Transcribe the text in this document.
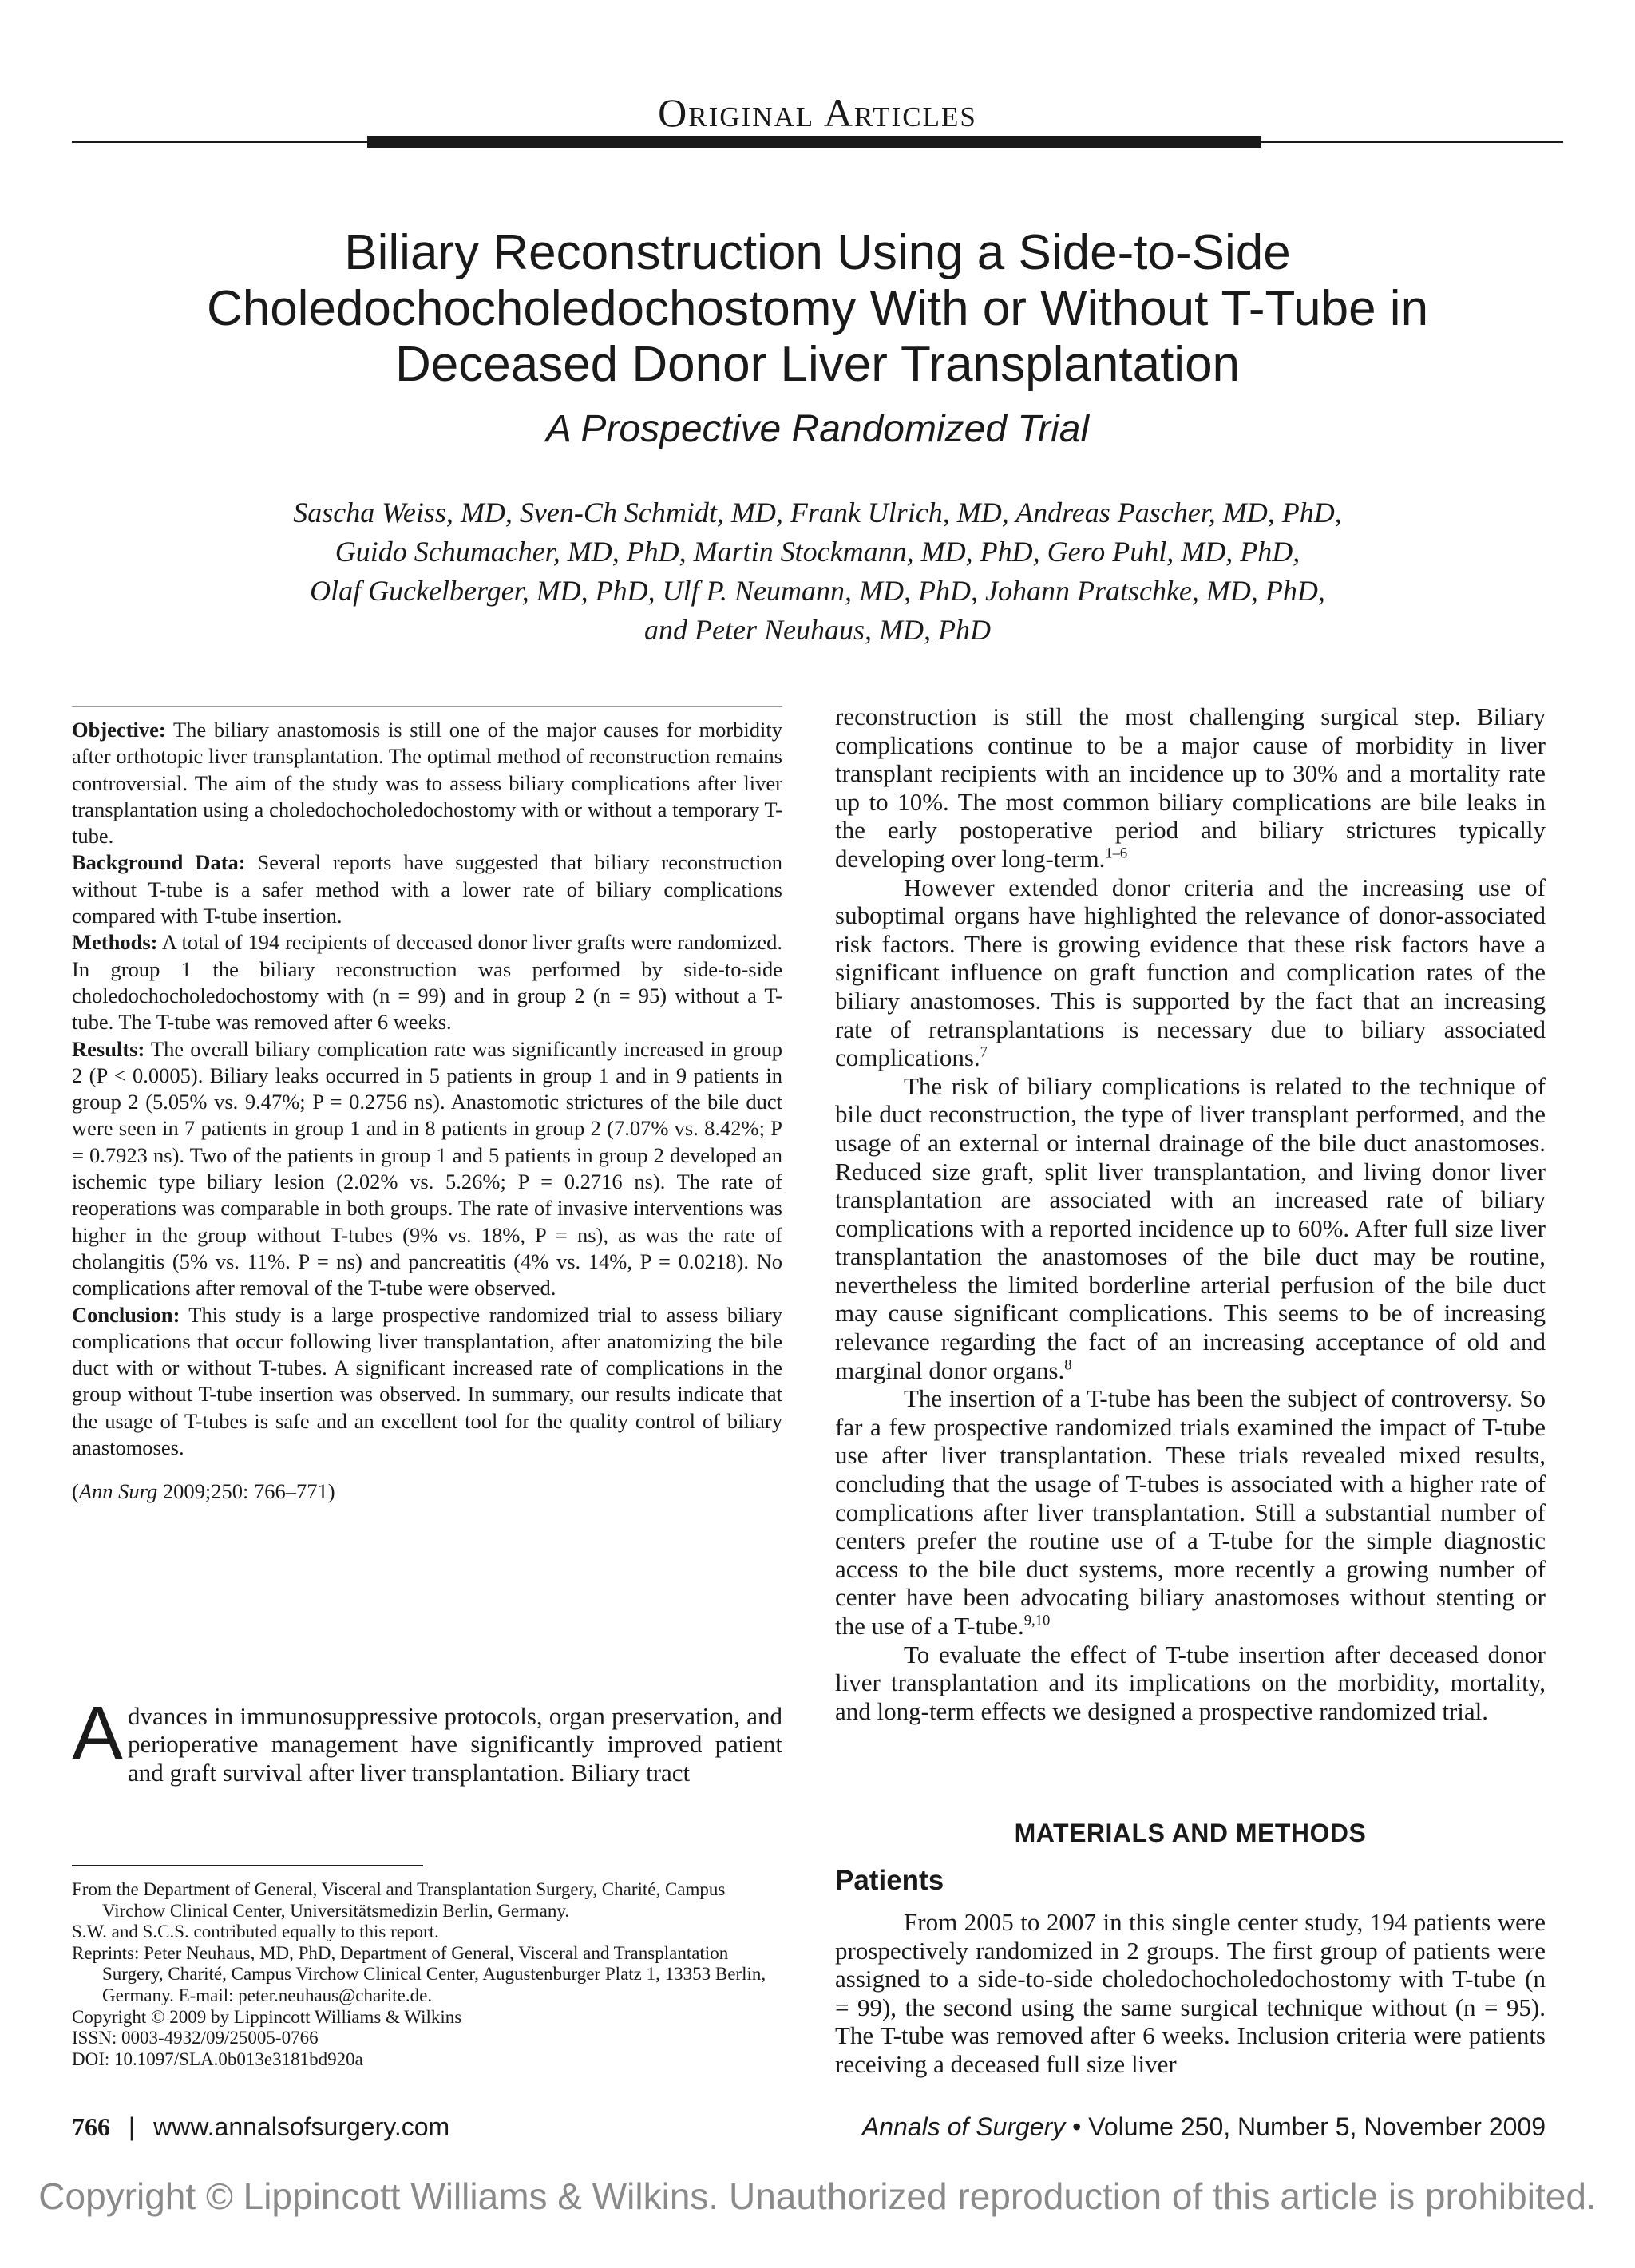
Original Articles
Biliary Reconstruction Using a Side-to-Side
Choledochocholedochostomy With or Without T-Tube in
Deceased Donor Liver Transplantation
A Prospective Randomized Trial
Sascha Weiss, MD, Sven-Ch Schmidt, MD, Frank Ulrich, MD, Andreas Pascher, MD, PhD,
Guido Schumacher, MD, PhD, Martin Stockmann, MD, PhD, Gero Puhl, MD, PhD,
Olaf Guckelberger, MD, PhD, Ulf P. Neumann, MD, PhD, Johann Pratschke, MD, PhD,
and Peter Neuhaus, MD, PhD

Objective: The biliary anastomosis is still one of the major causes for morbidity after orthotopic liver transplantation. The optimal method of reconstruction remains controversial. The aim of the study was to assess biliary complications after liver transplantation using a choledochocholedochostomy with or without a temporary T-tube.

Background Data: Several reports have suggested that biliary reconstruction without T-tube is a safer method with a lower rate of biliary complications compared with T-tube insertion.

Methods: A total of 194 recipients of deceased donor liver grafts were randomized. In group 1 the biliary reconstruction was performed by side-to-side choledochocholedochostomy with (n = 99) and in group 2 (n = 95) without a T-tube. The T-tube was removed after 6 weeks.

Results: The overall biliary complication rate was significantly increased in group 2 (P < 0.0005). Biliary leaks occurred in 5 patients in group 1 and in 9 patients in group 2 (5.05% vs. 9.47%; P = 0.2756 ns). Anastomotic strictures of the bile duct were seen in 7 patients in group 1 and in 8 patients in group 2 (7.07% vs. 8.42%; P = 0.7923 ns). Two of the patients in group 1 and 5 patients in group 2 developed an ischemic type biliary lesion (2.02% vs. 5.26%; P = 0.2716 ns). The rate of reoperations was comparable in both groups. The rate of invasive interventions was higher in the group without T-tubes (9% vs. 18%, P = ns), as was the rate of cholangitis (5% vs. 11%. P = ns) and pancreatitis (4% vs. 14%, P = 0.0218). No complications after removal of the T-tube were observed.

Conclusion: This study is a large prospective randomized trial to assess biliary complications that occur following liver transplantation, after anatomizing the bile duct with or without T-tubes. A significant increased rate of complications in the group without T-tube insertion was observed. In summary, our results indicate that the usage of T-tubes is safe and an excellent tool for the quality control of biliary anastomoses.

(Ann Surg 2009;250: 766–771)

Advances in immunosuppressive protocols, organ preservation, and perioperative management have significantly improved patient and graft survival after liver transplantation. Biliary tract

From the Department of General, Visceral and Transplantation Surgery, Charité, Campus Virchow Clinical Center, Universitätsmedizin Berlin, Germany.

S.W. and S.C.S. contributed equally to this report.

Reprints: Peter Neuhaus, MD, PhD, Department of General, Visceral and Transplantation Surgery, Charité, Campus Virchow Clinical Center, Augustenburger Platz 1, 13353 Berlin, Germany. E-mail: peter.neuhaus@charite.de.

Copyright © 2009 by Lippincott Williams & Wilkins

ISSN: 0003-4932/09/25005-0766

DOI: 10.1097/SLA.0b013e3181bd920a

reconstruction is still the most challenging surgical step. Biliary complications continue to be a major cause of morbidity in liver transplant recipients with an incidence up to 30% and a mortality rate up to 10%. The most common biliary complications are bile leaks in the early postoperative period and biliary strictures typically developing over long-term.$^{1-6}$

However extended donor criteria and the increasing use of suboptimal organs have highlighted the relevance of donor-associated risk factors. There is growing evidence that these risk factors have a significant influence on graft function and complication rates of the biliary anastomoses. This is supported by the fact that an increasing rate of retransplantations is necessary due to biliary associated complications.$^7$

The risk of biliary complications is related to the technique of bile duct reconstruction, the type of liver transplant performed, and the usage of an external or internal drainage of the bile duct anastomoses. Reduced size graft, split liver transplantation, and living donor liver transplantation are associated with an increased rate of biliary complications with a reported incidence up to 60%. After full size liver transplantation the anastomoses of the bile duct may be routine, nevertheless the limited borderline arterial perfusion of the bile duct may cause significant complications. This seems to be of increasing relevance regarding the fact of an increasing acceptance of old and marginal donor organs.$^8$

The insertion of a T-tube has been the subject of controversy. So far a few prospective randomized trials examined the impact of T-tube use after liver transplantation. These trials revealed mixed results, concluding that the usage of T-tubes is associated with a higher rate of complications after liver transplantation. Still a substantial number of centers prefer the routine use of a T-tube for the simple diagnostic access to the bile duct systems, more recently a growing number of center have been advocating biliary anastomoses without stenting or the use of a T-tube.$^{9,10}$

To evaluate the effect of T-tube insertion after deceased donor liver transplantation and its implications on the morbidity, mortality, and long-term effects we designed a prospective randomized trial.

MATERIALS AND METHODS
Patients

From 2005 to 2007 in this single center study, 194 patients were prospectively randomized in 2 groups. The first group of patients were assigned to a side-to-side choledochocholedochostomy with T-tube (n = 99), the second using the same surgical technique without (n = 95). The T-tube was removed after 6 weeks. Inclusion criteria were patients receiving a deceased full size liver

766 | www.annalsofsurgery.com	Annals of Surgery • Volume 250, Number 5, November 2009
Copyright © Lippincott Williams & Wilkins. Unauthorized reproduction of this article is prohibited.
